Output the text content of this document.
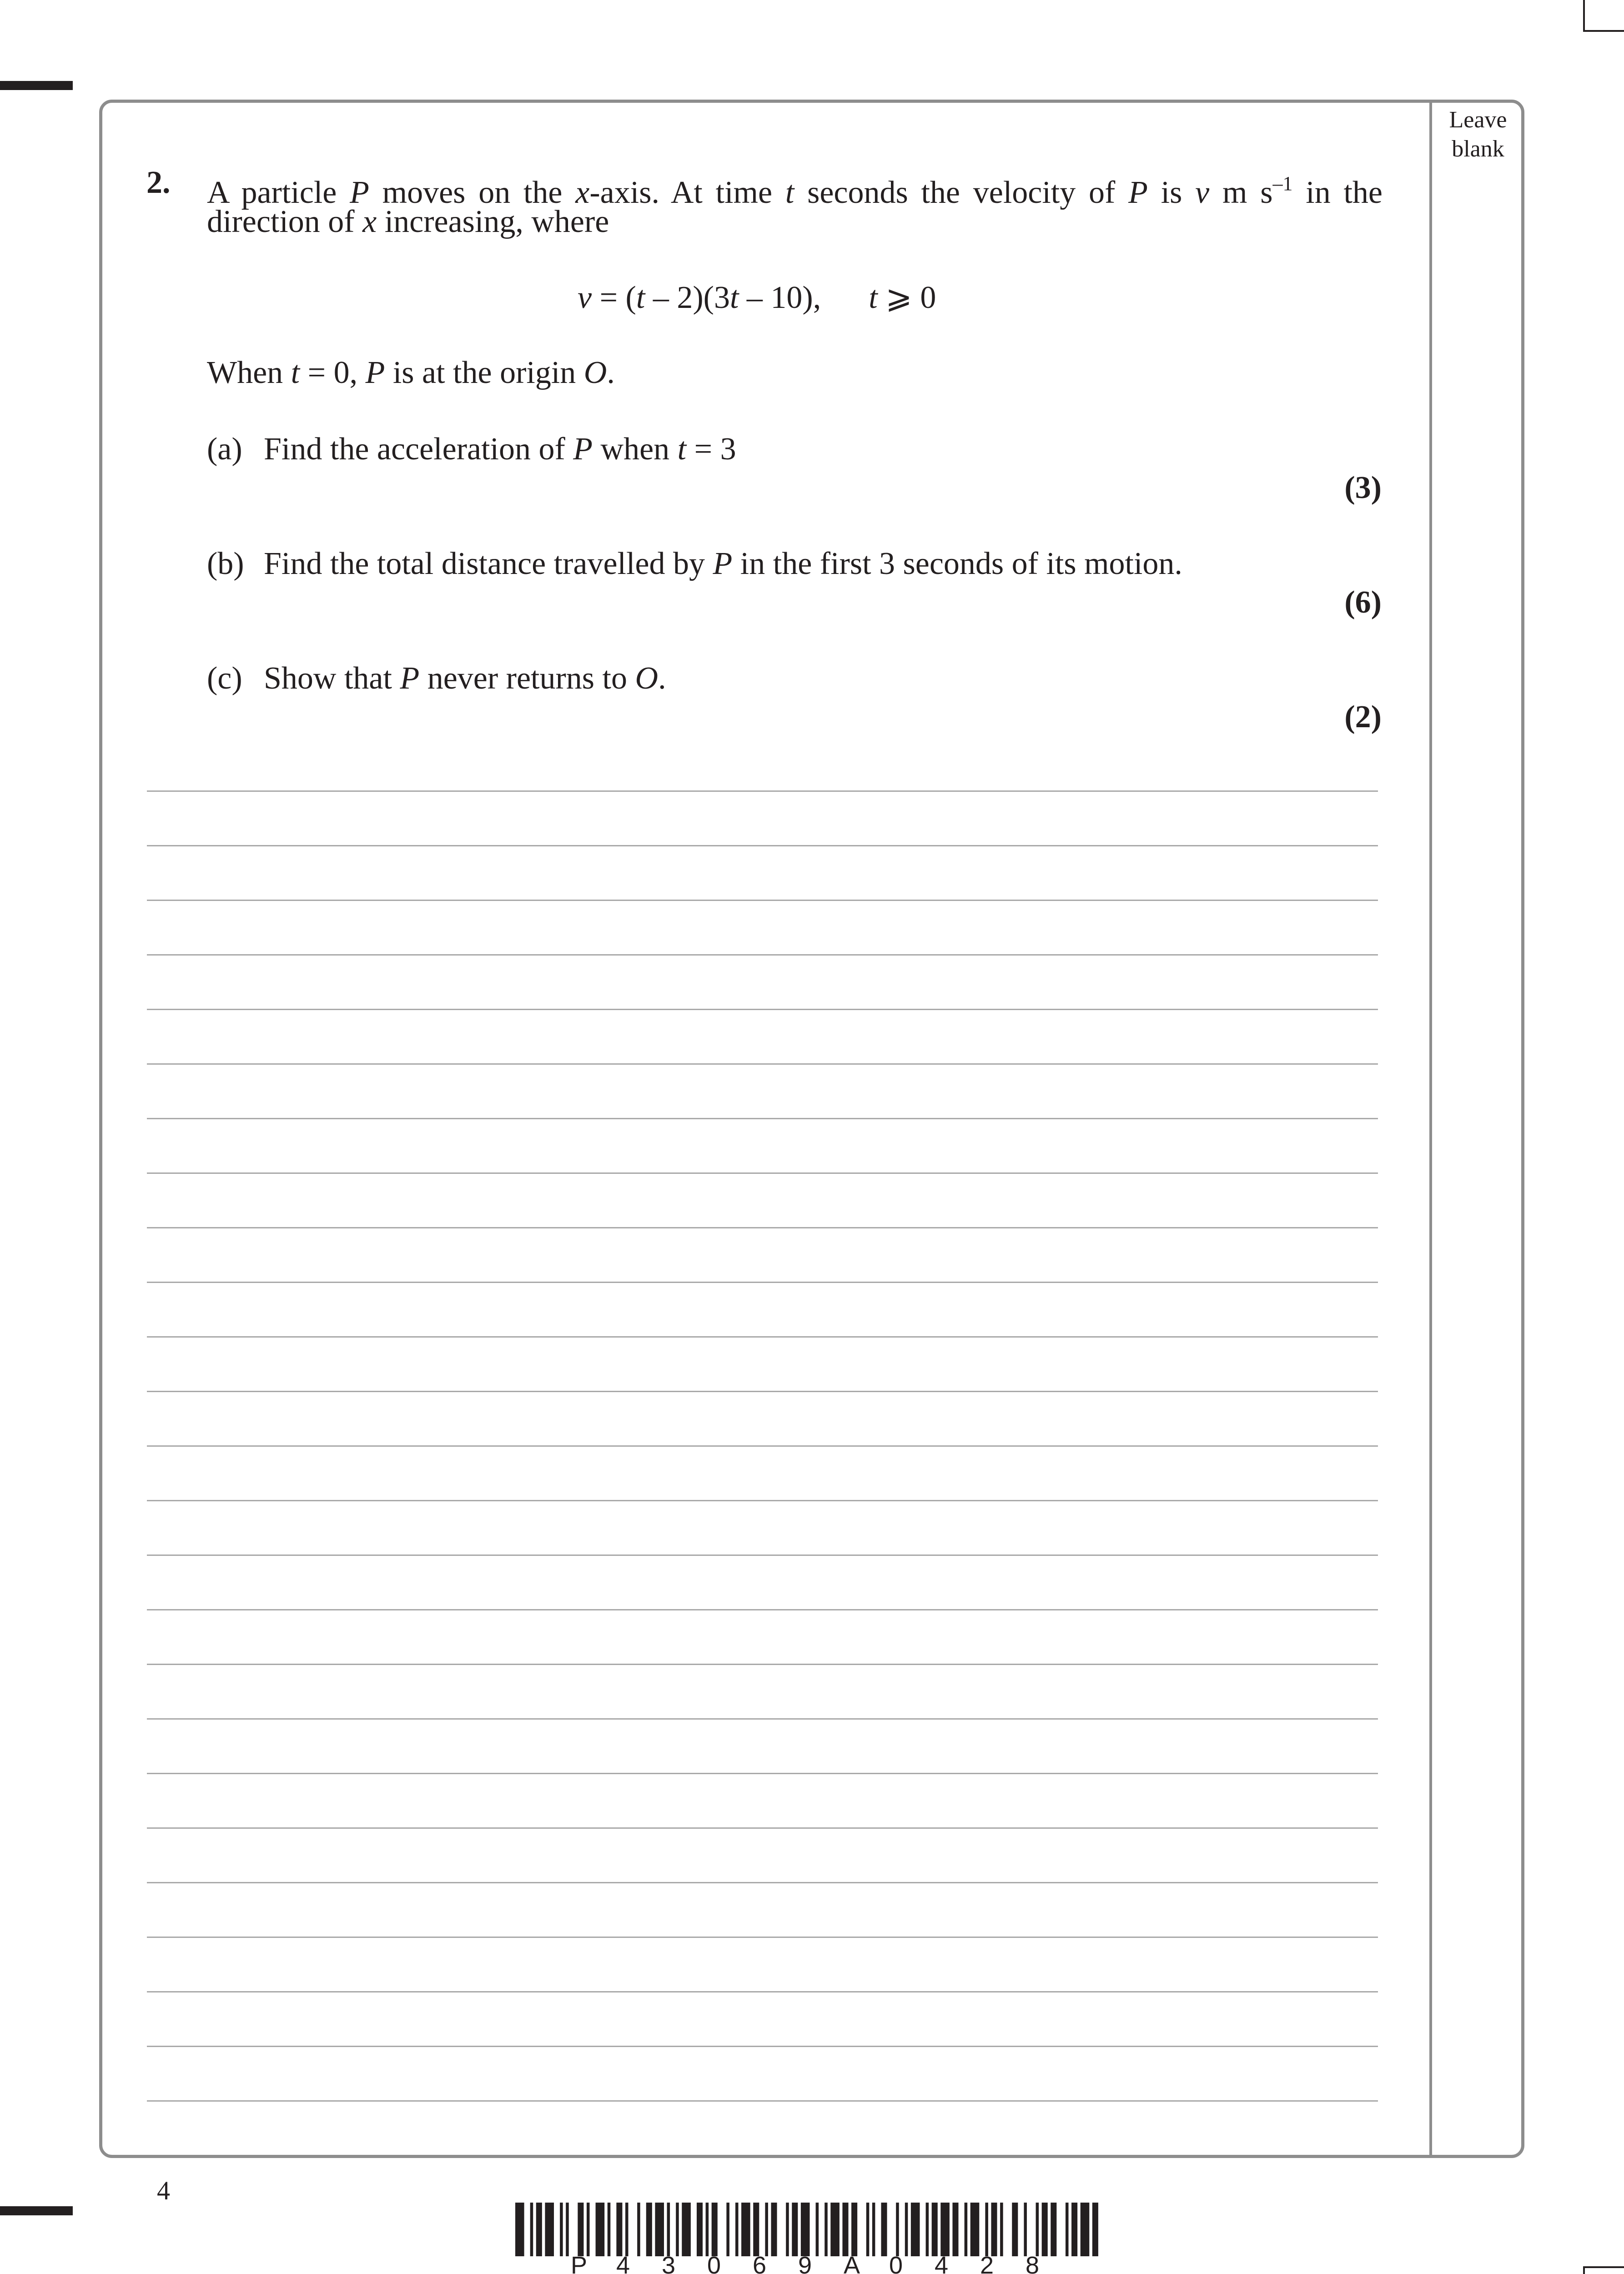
Leave blank
2. A particle P moves on the x-axis. At time t seconds the velocity of P is v m $s^{-1}$ in the
direction of x increasing, where
v = (t – 2)(3t – 10), t ⩾ 0
When t = 0, P is at the origin O.
(a) Find the acceleration of P when t = 3
(3)
(b) Find the total distance travelled by P in the first 3 seconds of its motion.
(6)
(c) Show that P never returns to O.
(2)
4
P 4 3 0 6 9 A 0 4 2 8
